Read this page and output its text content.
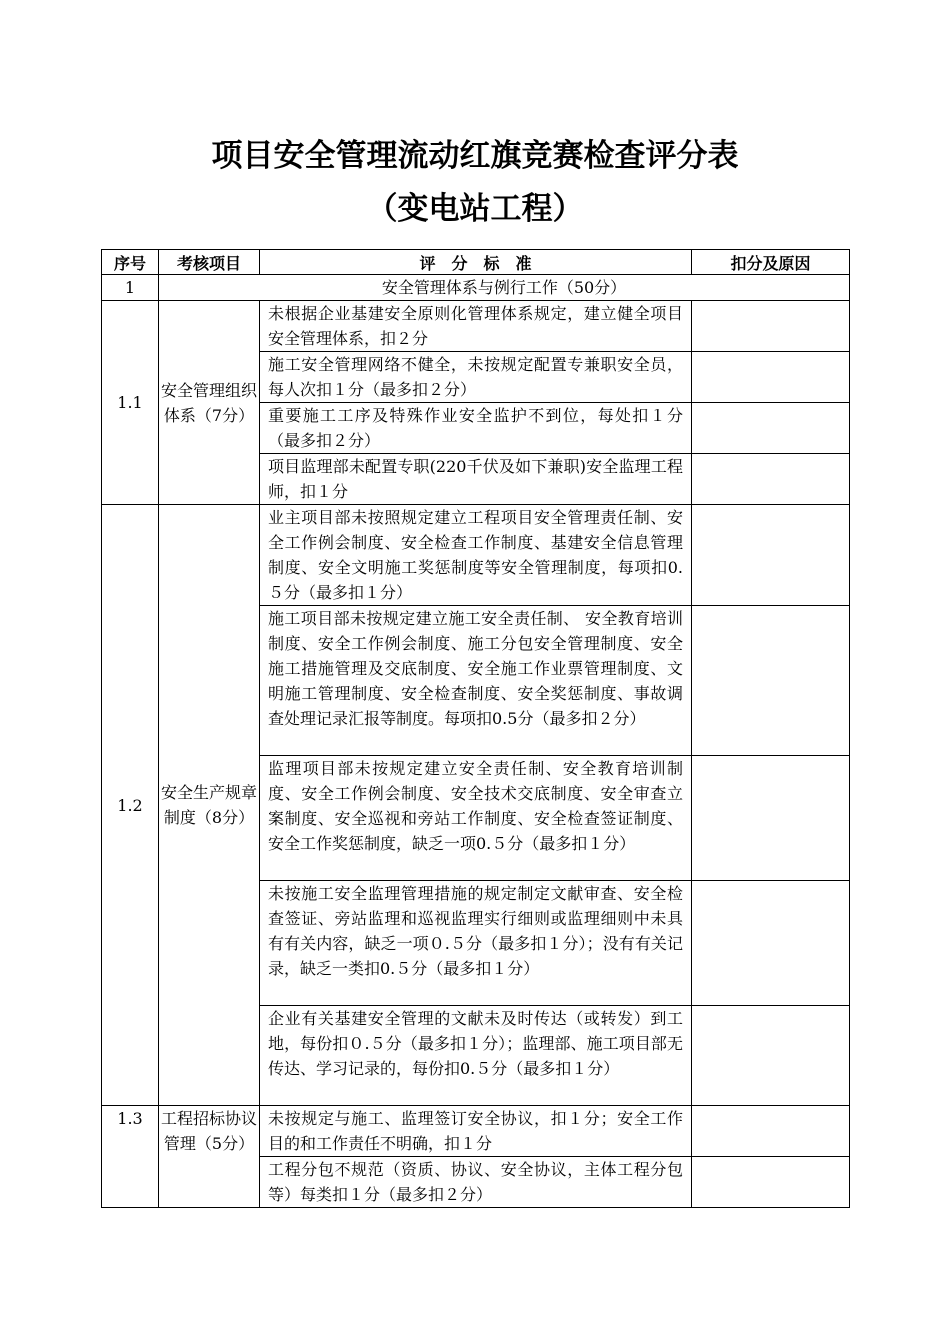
项目安全管理流动红旗竞赛检查评分表
（变电站工程）
序号	考核项目	评　分　标　准	扣分及原因
1	安全管理体系与例行工作（50分）		
1.1	安全管理组织体系（7分）	未根据企业基建安全原则化管理体系规定，建立健全项目安全管理体系，扣２分	
		施工安全管理网络不健全，未按规定配置专兼职安全员，每人次扣１分（最多扣２分）	
		重要施工工序及特殊作业安全监护不到位，每处扣１分（最多扣２分）	
		项目监理部未配置专职(220千伏及如下兼职)安全监理工程师，扣１分	
1.2	安全生产规章制度（8分）	业主项目部未按照规定建立工程项目安全管理责任制、安全工作例会制度、安全检查工作制度、基建安全信息管理制度、安全文明施工奖惩制度等安全管理制度，每项扣0.５分（最多扣１分）	
		施工项目部未按规定建立施工安全责任制、 安全教育培训制度、安全工作例会制度、施工分包安全管理制度、安全施工措施管理及交底制度、安全施工作业票管理制度、文明施工管理制度、安全检查制度、安全奖惩制度、事故调查处理记录汇报等制度。每项扣0.5分（最多扣２分）	
		监理项目部未按规定建立安全责任制、安全教育培训制度、安全工作例会制度、安全技术交底制度、安全审查立案制度、安全巡视和旁站工作制度、安全检查签证制度、安全工作奖惩制度，缺乏一项0.５分（最多扣１分）	
		未按施工安全监理管理措施的规定制定文献审查、安全检查签证、旁站监理和巡视监理实行细则或监理细则中未具有有关内容，缺乏一项０.５分（最多扣１分）；没有有关记录，缺乏一类扣0.５分（最多扣１分）	
		企业有关基建安全管理的文献未及时传达（或转发）到工地，每份扣０.５分（最多扣１分）；监理部、施工项目部无传达、学习记录的，每份扣0.５分（最多扣１分）	
1.3	工程招标协议管理（5分）	未按规定与施工、监理签订安全协议，扣１分；安全工作目的和工作责任不明确，扣１分	
		工程分包不规范（资质、协议、安全协议，主体工程分包等）每类扣１分（最多扣２分）	
